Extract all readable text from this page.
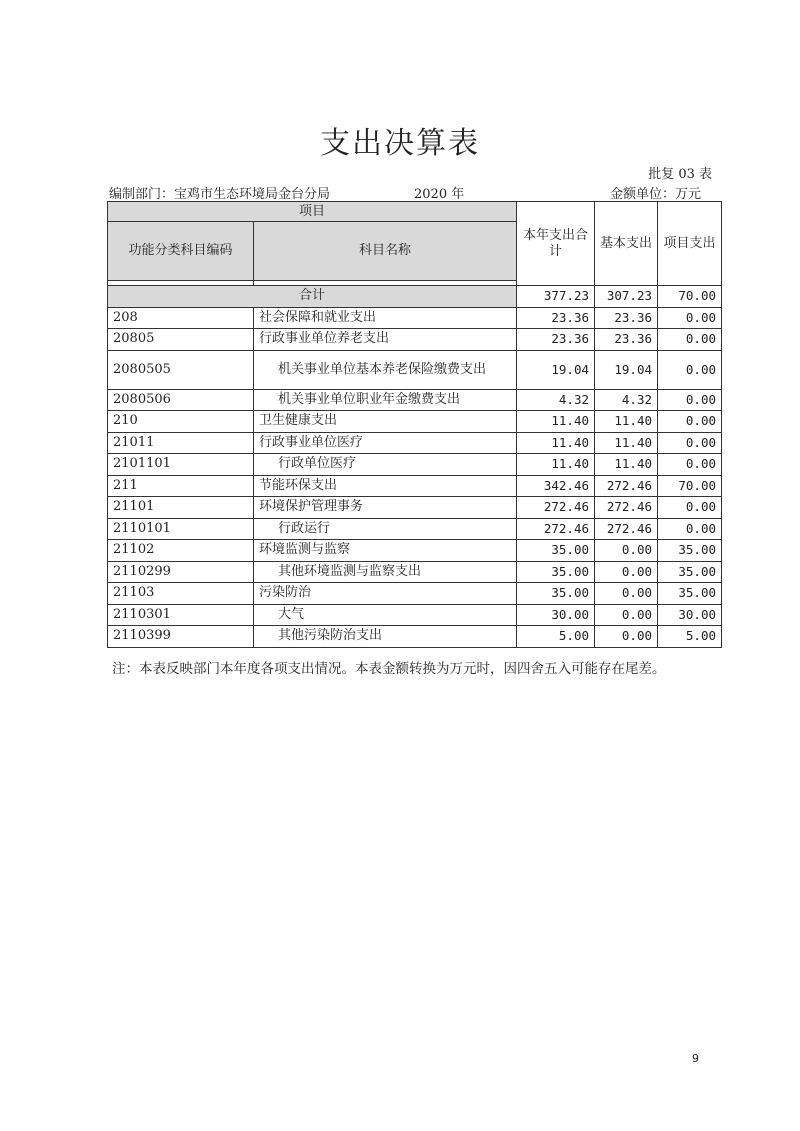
支出决算表
批复 03 表
编制部门：宝鸡市生态环境局金台分局	2020 年	金额单位：万元
项目		本年支出合计	基本支出	项目支出
功能分类科目编码	科目名称			

合计		377.23	307.23	70.00
208	社会保障和就业支出	23.36	23.36	0.00
20805	行政事业单位养老支出	23.36	23.36	0.00
2080505	机关事业单位基本养老保险缴费支出	19.04	19.04	0.00
2080506	机关事业单位职业年金缴费支出	4.32	4.32	0.00
210	卫生健康支出	11.40	11.40	0.00
21011	行政事业单位医疗	11.40	11.40	0.00
2101101	行政单位医疗	11.40	11.40	0.00
211	节能环保支出	342.46	272.46	70.00
21101	环境保护管理事务	272.46	272.46	0.00
2110101	行政运行	272.46	272.46	0.00
21102	环境监测与监察	35.00	0.00	35.00
2110299	其他环境监测与监察支出	35.00	0.00	35.00
21103	污染防治	35.00	0.00	35.00
2110301	大气	30.00	0.00	30.00
2110399	其他污染防治支出	5.00	0.00	5.00
注：本表反映部门本年度各项支出情况。本表金额转换为万元时，因四舍五入可能存在尾差。
9
